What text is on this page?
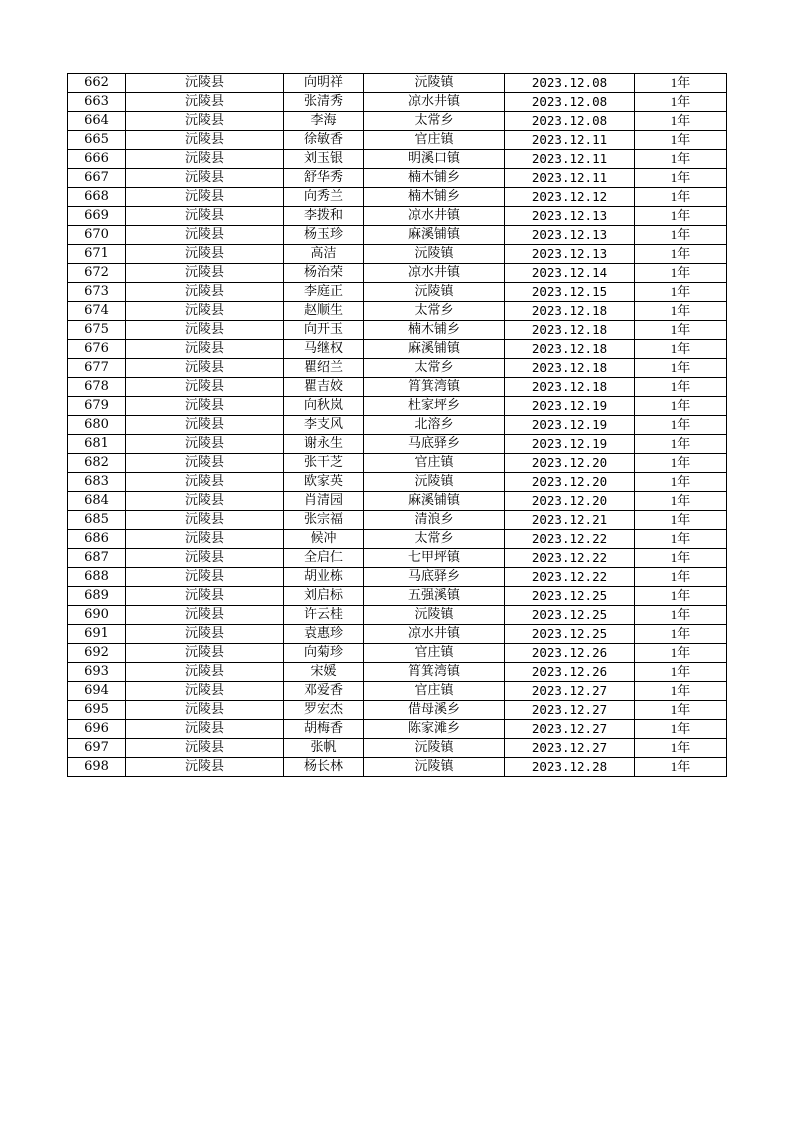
662	沅陵县	向明祥	沅陵镇	2023.12.08	1年
663	沅陵县	张清秀	凉水井镇	2023.12.08	1年
664	沅陵县	李海	太常乡	2023.12.08	1年
665	沅陵县	徐敏香	官庄镇	2023.12.11	1年
666	沅陵县	刘玉银	明溪口镇	2023.12.11	1年
667	沅陵县	舒华秀	楠木铺乡	2023.12.11	1年
668	沅陵县	向秀兰	楠木铺乡	2023.12.12	1年
669	沅陵县	李拨和	凉水井镇	2023.12.13	1年
670	沅陵县	杨玉珍	麻溪铺镇	2023.12.13	1年
671	沅陵县	高洁	沅陵镇	2023.12.13	1年
672	沅陵县	杨治荣	凉水井镇	2023.12.14	1年
673	沅陵县	李庭正	沅陵镇	2023.12.15	1年
674	沅陵县	赵顺生	太常乡	2023.12.18	1年
675	沅陵县	向开玉	楠木铺乡	2023.12.18	1年
676	沅陵县	马继权	麻溪铺镇	2023.12.18	1年
677	沅陵县	瞿绍兰	太常乡	2023.12.18	1年
678	沅陵县	瞿吉姣	筲箕湾镇	2023.12.18	1年
679	沅陵县	向秋岚	杜家坪乡	2023.12.19	1年
680	沅陵县	李支风	北溶乡	2023.12.19	1年
681	沅陵县	谢永生	马底驿乡	2023.12.19	1年
682	沅陵县	张干芝	官庄镇	2023.12.20	1年
683	沅陵县	欧家英	沅陵镇	2023.12.20	1年
684	沅陵县	肖清园	麻溪铺镇	2023.12.20	1年
685	沅陵县	张宗福	清浪乡	2023.12.21	1年
686	沅陵县	候冲	太常乡	2023.12.22	1年
687	沅陵县	全启仁	七甲坪镇	2023.12.22	1年
688	沅陵县	胡业栋	马底驿乡	2023.12.22	1年
689	沅陵县	刘启标	五强溪镇	2023.12.25	1年
690	沅陵县	许云桂	沅陵镇	2023.12.25	1年
691	沅陵县	袁惠珍	凉水井镇	2023.12.25	1年
692	沅陵县	向菊珍	官庄镇	2023.12.26	1年
693	沅陵县	宋媛	筲箕湾镇	2023.12.26	1年
694	沅陵县	邓爱香	官庄镇	2023.12.27	1年
695	沅陵县	罗宏杰	借母溪乡	2023.12.27	1年
696	沅陵县	胡梅香	陈家滩乡	2023.12.27	1年
697	沅陵县	张帆	沅陵镇	2023.12.27	1年
698	沅陵县	杨长林	沅陵镇	2023.12.28	1年
